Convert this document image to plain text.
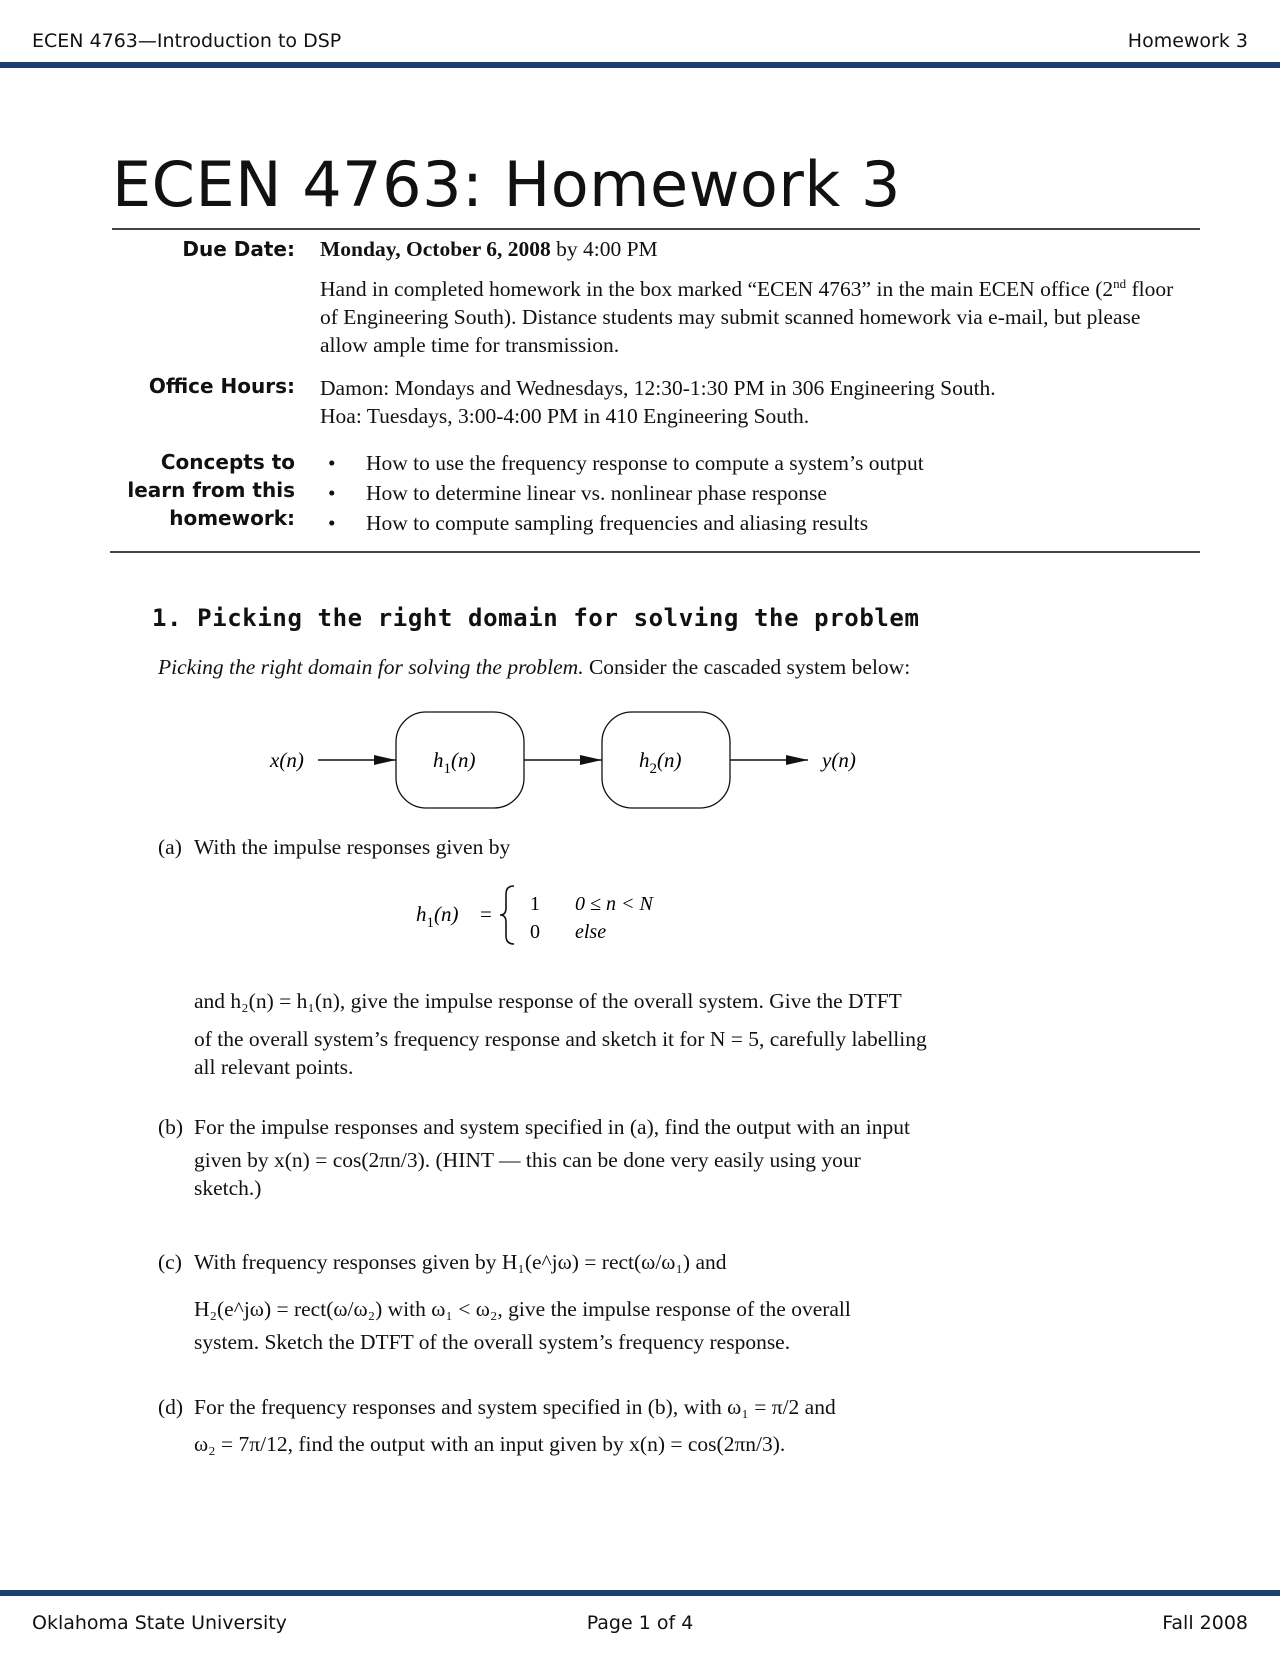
ECEN 4763—Introduction to DSP	Homework 3
ECEN 4763: Homework 3
Due Date: Monday, October 6, 2008 by 4:00 PM
Hand in completed homework in the box marked “ECEN 4763” in the main ECEN office (2nd floor of Engineering South). Distance students may submit scanned homework via e-mail, but please allow ample time for transmission.
Office Hours: Damon: Mondays and Wednesdays, 12:30-1:30 PM in 306 Engineering South.
Hoa: Tuesdays, 3:00-4:00 PM in 410 Engineering South.
Concepts to
learn from this
homework:
• How to use the frequency response to compute a system’s output
• How to determine linear vs. nonlinear phase response
• How to compute sampling frequencies and aliasing results
1. Picking the right domain for solving the problem
Picking the right domain for solving the problem. Consider the cascaded system below:
x(n)	$h_1(n)$	$h_2(n)$	y(n)
(a) With the impulse responses given by
$h_1(n) = 1$ 0 ≤ n < N
0 else
and h₂(n) = h₁(n), give the impulse response of the overall system. Give the DTFT
of the overall system’s frequency response and sketch it for N = 5, carefully labelling
all relevant points.
(b) For the impulse responses and system specified in (a), find the output with an input
given by x(n) = cos(2πn/3). (HINT — this can be done very easily using your
sketch.)
(c) With frequency responses given by H₁(e^jω) = rect(ω/ω₁) and
H₂(e^jω) = rect(ω/ω₂) with ω₁ < ω₂, give the impulse response of the overall
system. Sketch the DTFT of the overall system’s frequency response.
(d) For the frequency responses and system specified in (b), with ω₁ = π/2 and
ω₂ = 7π/12, find the output with an input given by x(n) = cos(2πn/3).
Oklahoma State University	Page 1 of 4	Fall 2008
